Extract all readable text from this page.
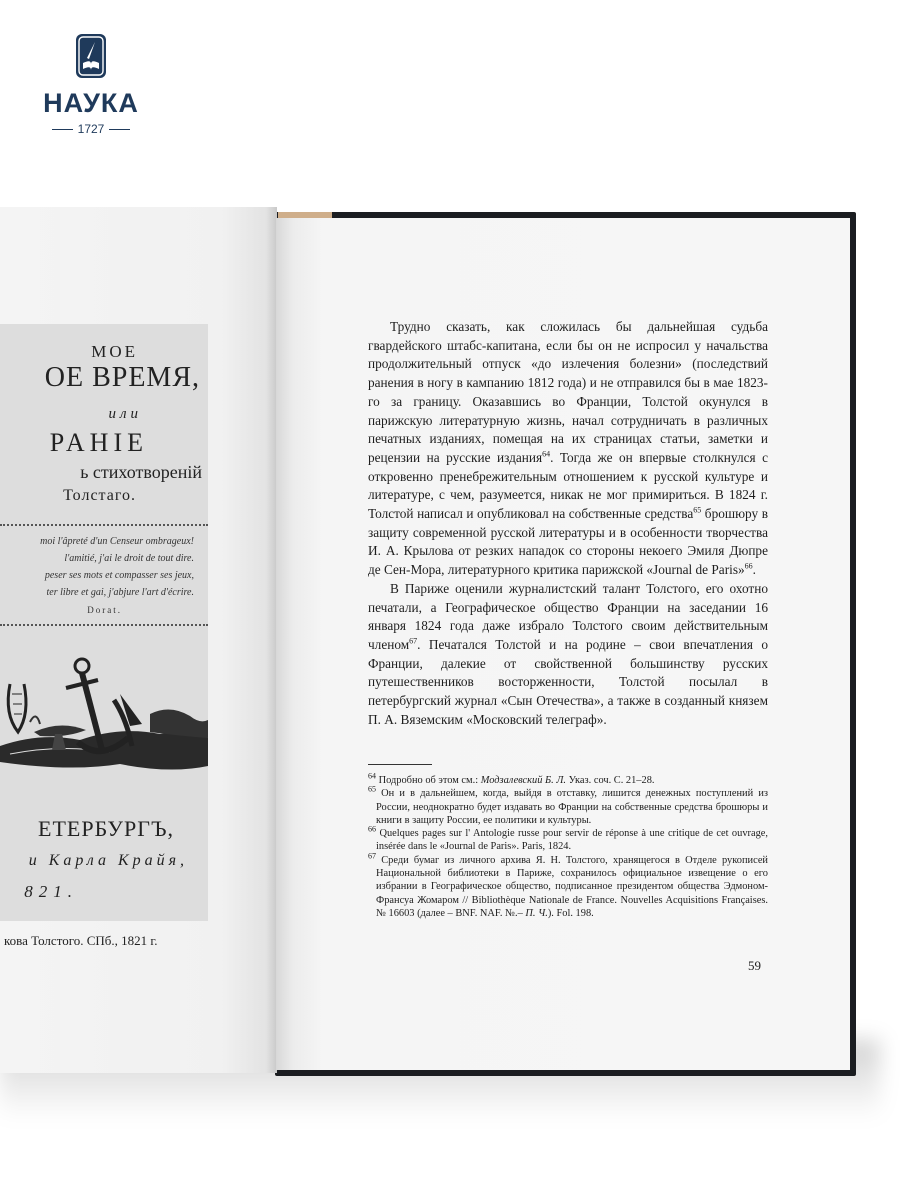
НАУКА
1727
МОЕ
ОЕ ВРЕМЯ,
или
РАНІЕ
ь стихотвореній
Толстаго.
moi l'âpreté d'un Censeur ombrageux!
l'amitié, j'ai le droit de tout dire.
peser ses mots et compasser ses jeux,
ter libre et gai, j'abjure l'art d'écrire.
Dorat.
ЕТЕРБУРГЪ,
и Карла Крайя,
821.
кова Толстого. СПб., 1821 г.

Трудно сказать, как сложилась бы дальнейшая судьба гвардейского штабс-капитана, если бы он не испросил у начальства продолжительный отпуск «до излечения болезни» (последствий ранения в ногу в кампанию 1812 года) и не отправился бы в мае 1823-го за границу. Оказавшись во Франции, Толстой окунулся в парижскую литературную жизнь, начал сотрудничать в различных печатных изданиях, помещая на их страницах статьи, заметки и рецензии на русские издания$^{64}$. Тогда же он впервые столкнулся с откровенно пренебрежительным отношением к русской культуре и литературе, с чем, разумеется, никак не мог примириться. В 1824 г. Толстой написал и опубликовал на собственные средства$^{65}$ брошюру в защиту современной русской литературы и в особенности творчества И. А. Крылова от резких нападок со стороны некоего Эмиля Дюпре де Сен-Мора, литературного критика парижской «Journal de Paris»$^{66}$.

В Париже оценили журналистский талант Толстого, его охотно печатали, а Географическое общество Франции на заседании 16 января 1824 года даже избрало Толстого своим действительным членом$^{67}$. Печатался Толстой и на родине – свои впечатления о Франции, далекие от свойственной большинству русских путешественников восторженности, Толстой посылал в петербургский журнал «Сын Отечества», а также в созданный князем П. А. Вяземским «Московский телеграф».

$^{64}$ Подробно об этом см.: Модзалевский Б. Л. Указ. соч. С. 21–28.

$^{65}$ Он и в дальнейшем, когда, выйдя в отставку, лишится денежных поступлений из России, неоднократно будет издавать во Франции на собственные средства брошюры и книги в защиту России, ее политики и культуры.

$^{66}$ Quelques pages sur l' Antologie russe pour servir de réponse à une critique de cet ouvrage, insérée dans le «Journal de Paris». Paris, 1824.

$^{67}$ Среди бумаг из личного архива Я. Н. Толстого, хранящегося в Отделе рукописей Национальной библиотеки в Париже, сохранилось официальное извещение о его избрании в Географическое общество, подписанное президентом общества Эдмоном-Франсуа Жомаром // Bibliothèque Nationale de France. Nouvelles Acquisitions Françaises. № 16603 (далее – BNF. NAF. №.– П. Ч.). Fol. 198.

59
